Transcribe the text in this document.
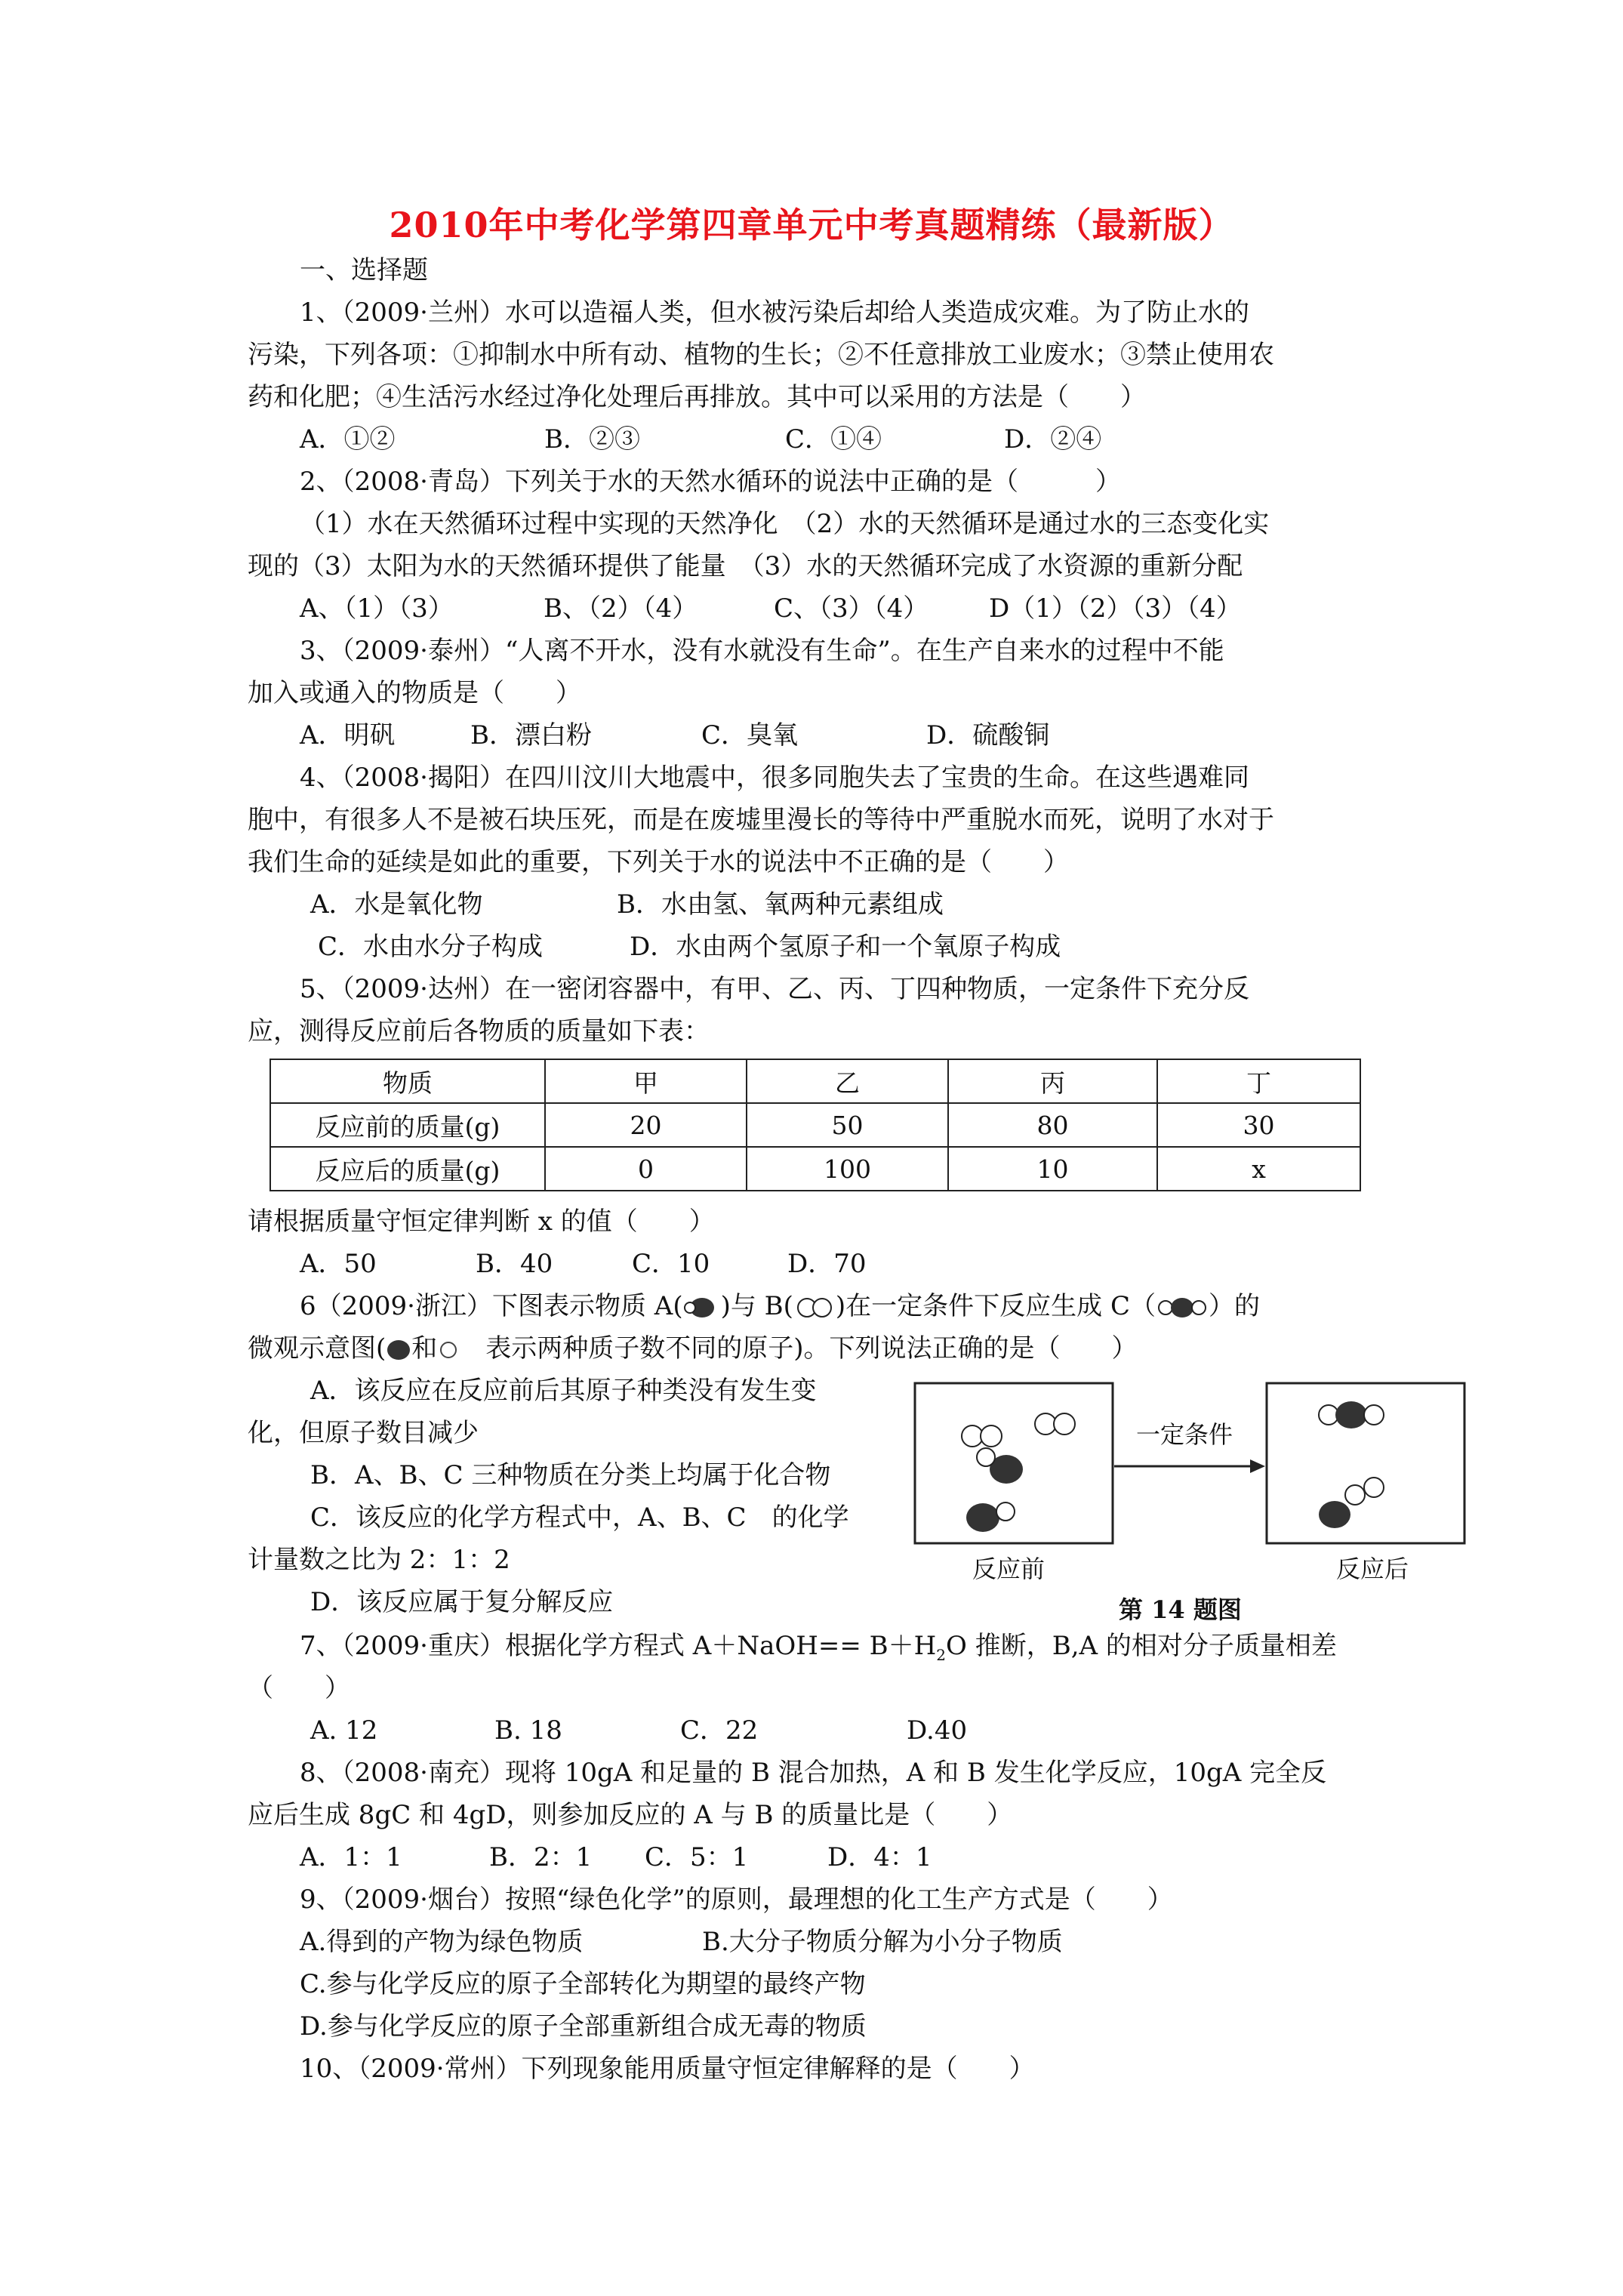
2010年中考化学第四章单元中考真题精练（最新版）
一、选择题
1、（2009·兰州）水可以造福人类，但水被污染后却给人类造成灾难。为了防止水的
污染，下列各项：①抑制水中所有动、植物的生长；②不任意排放工业废水；③禁止使用农
药和化肥；④生活污水经过净化处理后再排放。其中可以采用的方法是（　　）
A．①②	B．②③	C．①④	D．②④
2、（2008·青岛）下列关于水的天然水循环的说法中正确的是（　　　）
（1）水在天然循环过程中实现的天然净化　（2）水的天然循环是通过水的三态变化实
现的（3）太阳为水的天然循环提供了能量　（3）水的天然循环完成了水资源的重新分配
A、（1）（3）	B、（2）（4）	C、（3）（4） D（1）（2）（3）（4）
3、（2009·泰州）“人离不开水，没有水就没有生命”。在生产自来水的过程中不能
加入或通入的物质是（　　）
A．明矾	B．漂白粉	C．臭氧	D．硫酸铜
4、（2008·揭阳）在四川汶川大地震中，很多同胞失去了宝贵的生命。在这些遇难同
胞中，有很多人不是被石块压死，而是在废墟里漫长的等待中严重脱水而死，说明了水对于
我们生命的延续是如此的重要，下列关于水的说法中不正确的是（　　）
A．水是氧化物	B．水由氢、氧两种元素组成
C．水由水分子构成	D．水由两个氢原子和一个氧原子构成
5、（2009·达州）在一密闭容器中，有甲、乙、丙、丁四种物质，一定条件下充分反
应，测得反应前后各物质的质量如下表：
物质	甲	乙	丙	丁
反应前的质量(g)	20	50	80	30
反应后的质量(g)	0	100	10	x
请根据质量守恒定律判断 x 的值（　　）
A．50	B．40	C．10	D．70
6（2009·浙江）下图表示物质 A( )与 B( )在一定条件下反应生成 C（ ）的
微观示意图( 和　表示两种质子数不同的原子)。下列说法正确的是（　　）
A．该反应在反应前后其原子种类没有发生变
化，但原子数目减少
B．A、B、C 三种物质在分类上均属于化合物
C．该反应的化学方程式中，A、B、C　的化学
计量数之比为 2：1：2
D．该反应属于复分解反应
一定条件
反应前	反应后
第 14 题图
7、（2009·重庆）根据化学方程式 A＋NaOH== $B+H_2O$ 推断，B,A 的相对分子质量相差
（　　）
A. 12	B. 18	C．22	D.40
8、（2008·南充）现将 10gA 和足量的 B 混合加热，A 和 B 发生化学反应，10gA 完全反
应后生成 8gC 和 4gD，则参加反应的 A 与 B 的质量比是（　　）
A．1：1	B．2：1 C．5：1	D．4：1
9、（2009·烟台）按照“绿色化学”的原则，最理想的化工生产方式是（　　）
A.得到的产物为绿色物质	B.大分子物质分解为小分子物质
C.参与化学反应的原子全部转化为期望的最终产物
D.参与化学反应的原子全部重新组合成无毒的物质
10、（2009·常州）下列现象能用质量守恒定律解释的是（　　）
